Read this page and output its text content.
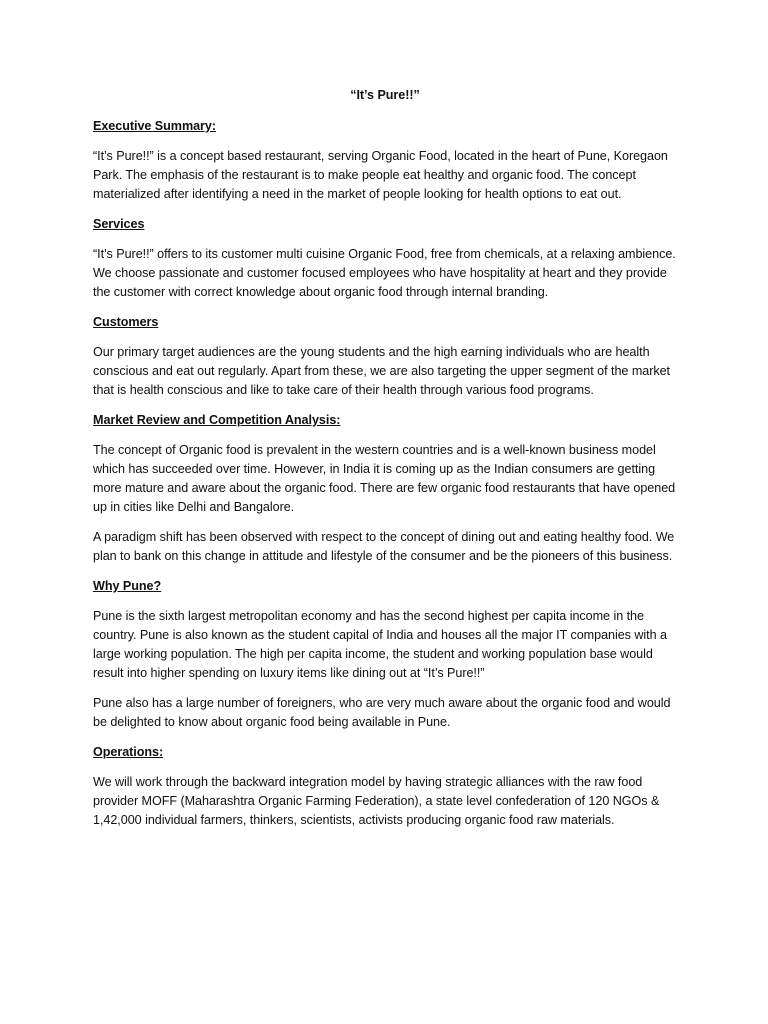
“It’s Pure!!”
Executive Summary:
“It’s Pure!!” is a concept based restaurant, serving Organic Food, located in the heart of Pune, Koregaon Park. The emphasis of the restaurant is to make people eat healthy and organic food. The concept materialized after identifying a need in the market of people looking for health options to eat out.
Services
“It’s Pure!!” offers to its customer multi cuisine Organic Food, free from chemicals, at a relaxing ambience. We choose passionate and customer focused employees who have hospitality at heart and they provide the customer with correct knowledge about organic food through internal branding.
Customers
Our primary target audiences are the young students and the high earning individuals who are health conscious and eat out regularly. Apart from these, we are also targeting the upper segment of the market that is health conscious and like to take care of their health through various food programs.
Market Review and Competition Analysis:
The concept of Organic food is prevalent in the western countries and is a well-known business model which has succeeded over time. However, in India it is coming up as the Indian consumers are getting more mature and aware about the organic food. There are few organic food restaurants that have opened up in cities like Delhi and Bangalore.
A paradigm shift has been observed with respect to the concept of dining out and eating healthy food. We plan to bank on this change in attitude and lifestyle of the consumer and be the pioneers of this business.
Why Pune?
Pune is the sixth largest metropolitan economy and has the second highest per capita income in the country. Pune is also known as the student capital of India and houses all the major IT companies with a large working population. The high per capita income, the student and working population base would result into higher spending on luxury items like dining out at “It’s Pure!!”
Pune also has a large number of foreigners, who are very much aware about the organic food and would be delighted to know about organic food being available in Pune.
Operations:
We will work through the backward integration model by having strategic alliances with the raw food provider MOFF (Maharashtra Organic Farming Federation), a state level confederation of 120 NGOs & 1,42,000 individual farmers, thinkers, scientists, activists producing organic food raw materials.
